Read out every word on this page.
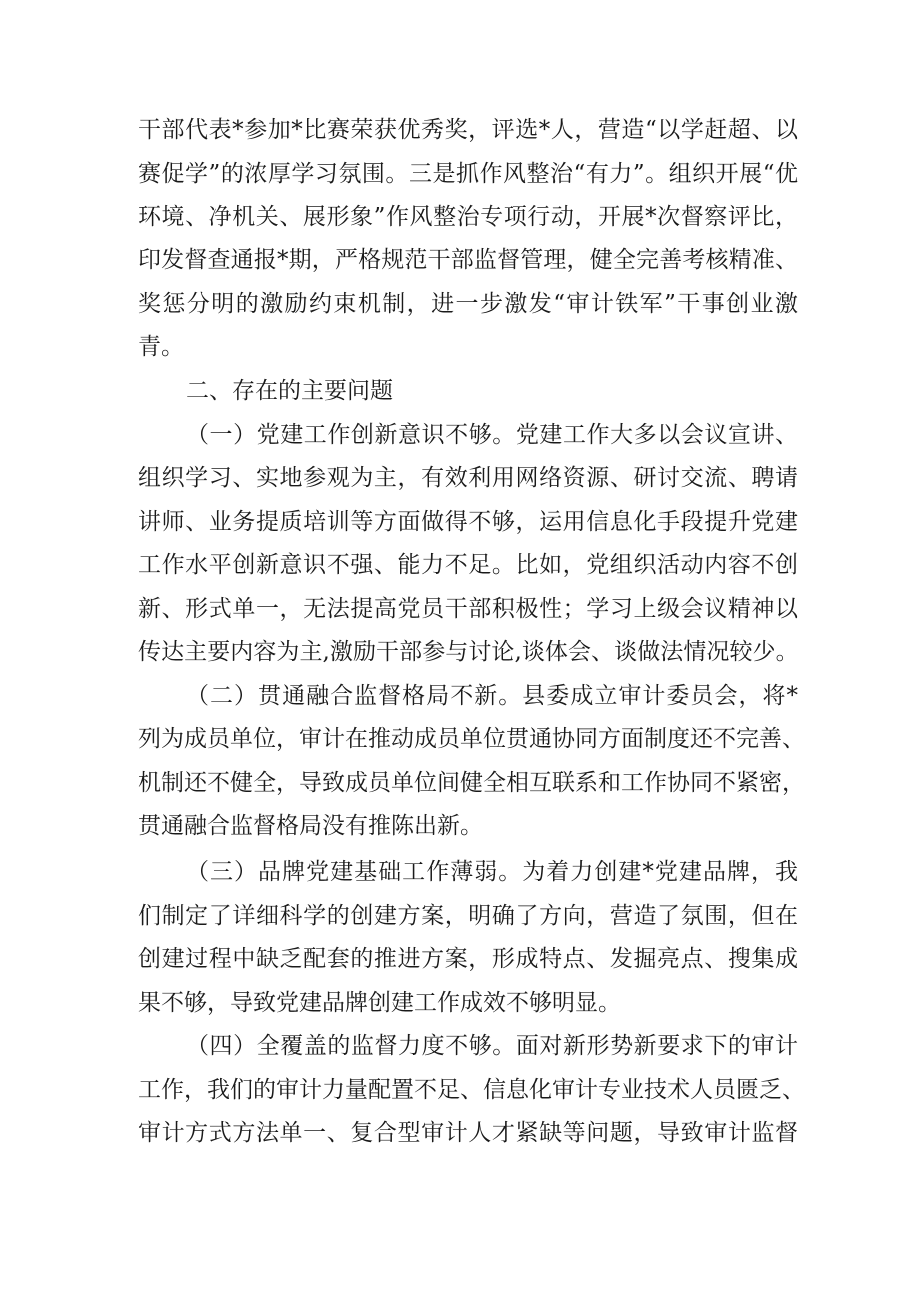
干部代表*参加*比赛荣获优秀奖，评选*人，营造“以学赶超、以
赛促学”的浓厚学习氛围。三是抓作风整治“有力”。组织开展“优
环境、净机关、展形象”作风整治专项行动，开展*次督察评比，
印发督查通报*期，严格规范干部监督管理，健全完善考核精准、
奖惩分明的激励约束机制，进一步激发“审计铁军”干事创业激
青。
二、存在的主要问题
（一）党建工作创新意识不够。党建工作大多以会议宣讲、
组织学习、实地参观为主，有效利用网络资源、研讨交流、聘请
讲师、业务提质培训等方面做得不够，运用信息化手段提升党建
工作水平创新意识不强、能力不足。比如，党组织活动内容不创
新、形式单一，无法提高党员干部积极性；学习上级会议精神以
传达主要内容为主,激励干部参与讨论,谈体会、谈做法情况较少。
（二）贯通融合监督格局不新。县委成立审计委员会，将*
列为成员单位，审计在推动成员单位贯通协同方面制度还不完善、
机制还不健全，导致成员单位间健全相互联系和工作协同不紧密，
贯通融合监督格局没有推陈出新。
（三）品牌党建基础工作薄弱。为着力创建*党建品牌，我
们制定了详细科学的创建方案，明确了方向，营造了氛围，但在
创建过程中缺乏配套的推进方案，形成特点、发掘亮点、搜集成
果不够，导致党建品牌创建工作成效不够明显。
（四）全覆盖的监督力度不够。面对新形势新要求下的审计
工作，我们的审计力量配置不足、信息化审计专业技术人员匮乏、
审计方式方法单一、复合型审计人才紧缺等问题，导致审计监督
